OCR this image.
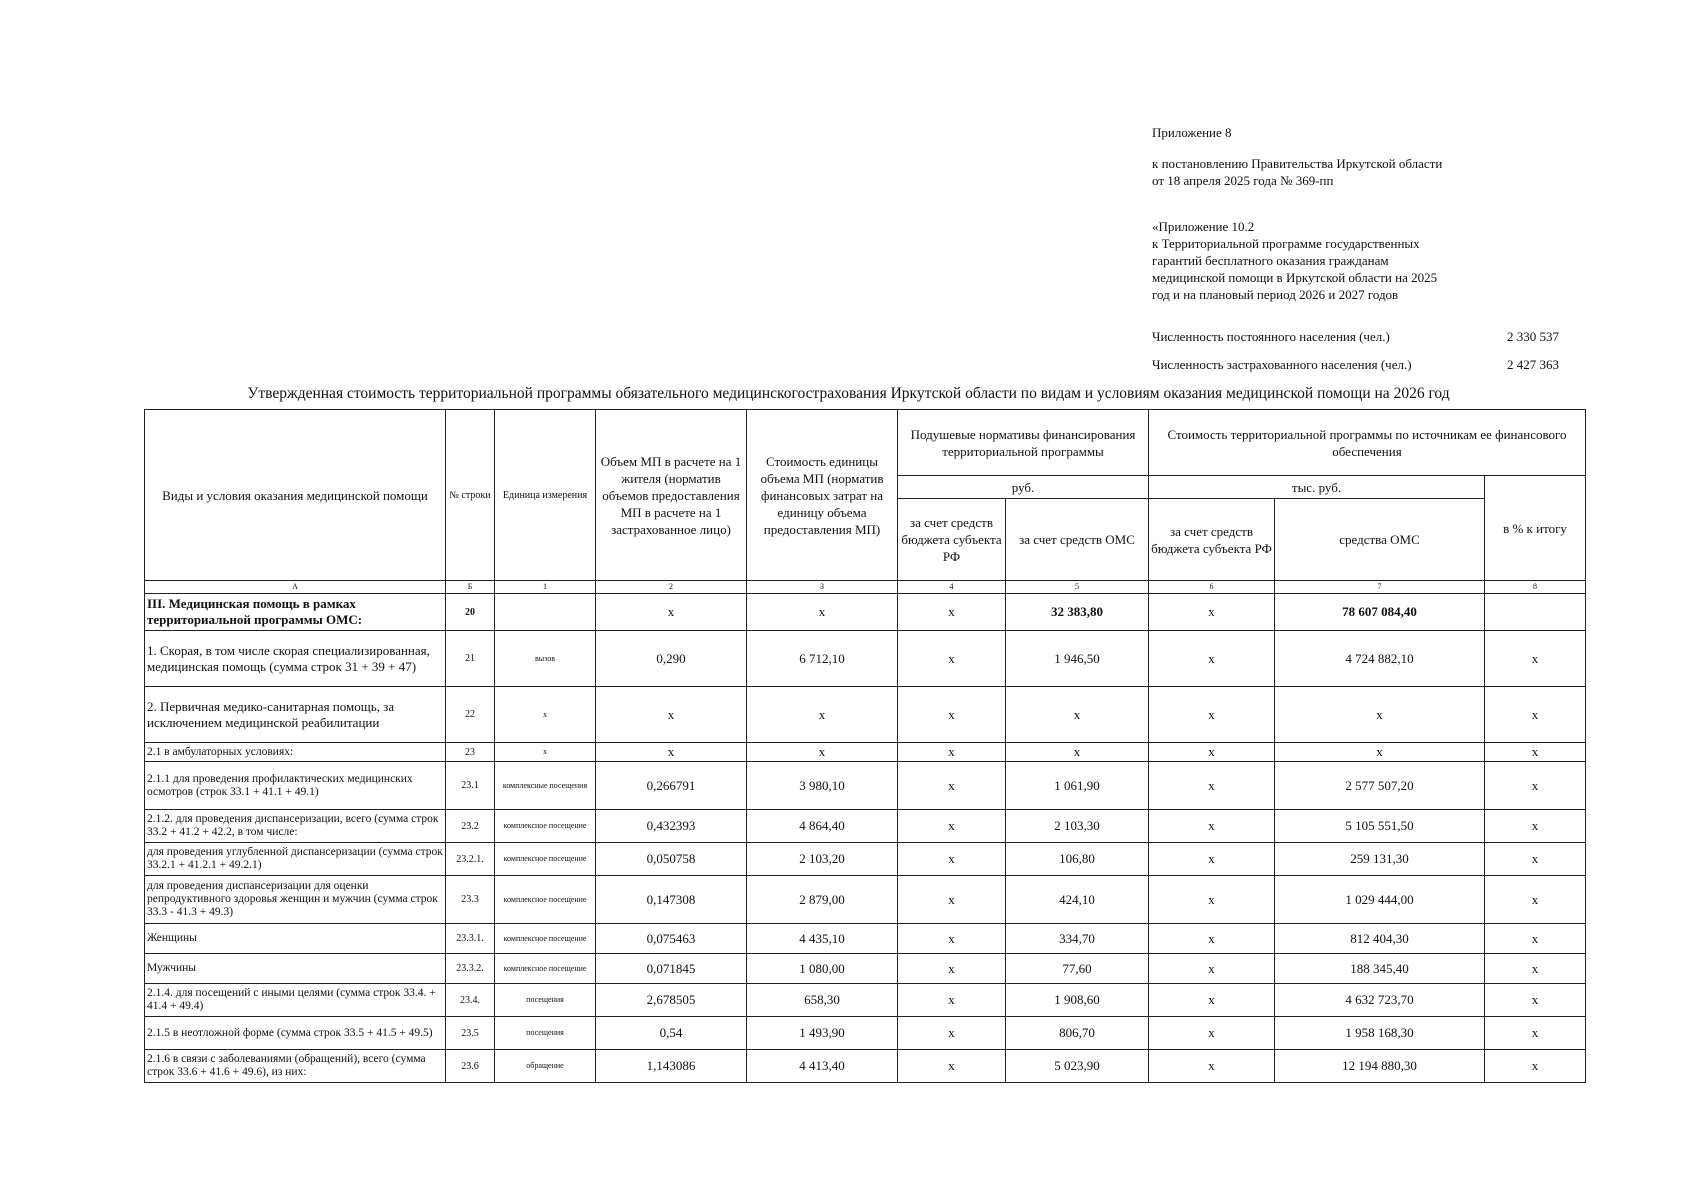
Приложение 8
к постановлению Правительства Иркутской области
от 18 апреля 2025 года № 369-пп
«Приложение 10.2
к Территориальной программе государственных
гарантий бесплатного оказания гражданам
медицинской помощи в Иркутской области на 2025
год и на плановый период 2026 и 2027 годов
Численность постоянного населения (чел.)	2 330 537
Численность застрахованного населения (чел.)	2 427 363
Утвержденная стоимость территориальной программы обязательного медицинскогострахования Иркутской области по видам и условиям оказания медицинской помощи на 2026 год
Виды и условия оказания медицинской помощи	№ строки	Единица измерения	Объем МП в расчете на 1 жителя (норматив объемов предоставления МП в расчете на 1 застрахованное лицо)	Стоимость единицы объема МП (норматив финансовых затрат на единицу объема предоставления МП)	Подушевые нормативы финансирования территориальной программы		Стоимость территориальной программы по источникам ее финансового обеспечения		
					руб.		тыс. руб.		в % к итогу
					за счет средств бюджета субъекта РФ	за счет средств ОМС	за счет средств бюджета субъекта РФ	средства ОМС	
А	Б	1	2	3	4	5	6	7	8
III. Медицинская помощь в рамках территориальной программы ОМС:	20		х	х	х	32 383,80	х	78 607 084,40	
1. Скорая, в том числе скорая специализированная, медицинская помощь (сумма строк 31 + 39 + 47)	21	вызов	0,290	6 712,10	х	1 946,50	х	4 724 882,10	х
2. Первичная медико-санитарная помощь, за исключением медицинской реабилитации	22	х	х	х	х	х	х	х	х
2.1 в амбулаторных условиях:	23	х	х	х	х	х	х	х	х
2.1.1 для проведения профилактических медицинских осмотров (строк 33.1 + 41.1 + 49.1)	23.1	комплексные посещения	0,266791	3 980,10	х	1 061,90	х	2 577 507,20	х
2.1.2. для проведения диспансеризации, всего (сумма строк 33.2 + 41.2 + 42.2, в том числе:	23.2	комплексное посещение	0,432393	4 864,40	х	2 103,30	х	5 105 551,50	х
для проведения углубленной диспансеризации (сумма строк 33.2.1 + 41.2.1 + 49.2.1)	23.2.1.	комплексное посещение	0,050758	2 103,20	х	106,80	х	259 131,30	х
для проведения диспансеризации для оценки репродуктивного здоровья женщин и мужчин (сумма строк 33.3 - 41.3 + 49.3)	23.3	комплексное посещение	0,147308	2 879,00	х	424,10	х	1 029 444,00	х
Женщины	23.3.1.	комплексное посещение	0,075463	4 435,10	х	334,70	х	812 404,30	х
Мужчины	23.3.2.	комплексное посещение	0,071845	1 080,00	х	77,60	х	188 345,40	х
2.1.4. для посещений с иными целями (сумма строк 33.4. + 41.4 + 49.4)	23.4.	посещения	2,678505	658,30	х	1 908,60	х	4 632 723,70	х
2.1.5 в неотложной форме (сумма строк 33.5 + 41.5 + 49.5)	23.5	посещения	0,54	1 493,90	х	806,70	х	1 958 168,30	х
2.1.6 в связи с заболеваниями (обращений), всего (сумма строк 33.6 + 41.6 + 49.6), из них:	23.6	обращение	1,143086	4 413,40	х	5 023,90	х	12 194 880,30	х
